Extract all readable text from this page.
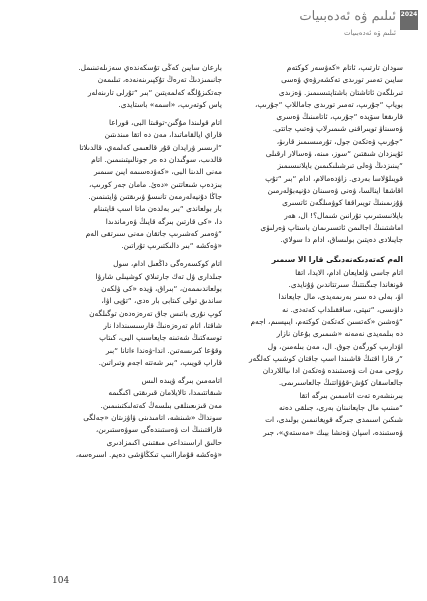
ئىلىم ۋە ئەدەبىيات
ئىلىم ۋە ئەدەبىيات
2024
سودان تارتىپ، ئاتام «كەۋسەر كوكتەم
سايىن تەمىر تورىدى تەكشەرۋەي ۋەسى
تىرىلگەن ئاتاشتان باشتاپتىسىمىز. ۋەزىدى
بوياپ “جۇرىپ، تەمىر تورىدى جاماللاپ “جۇرىپ،
قارىقغا سۆيدە “جۇرىپ، ئاتامىنىڭ ۋەسرى
ۋەسىناۋ تويىراقنى شىمىرلاپ ۋەتىپ جاتتى.
“جۇرىپ ۋەتكەن جول، تۇرمىسىمىز قارىۋ،
ئۇيىزدان شىقتىن “سوز، مىنە، ۋەسالار ارقىلى
“يىنىزدىڭ ۋەلى تىرشىلىكىمىن بايلانىسىمىز
قويىلۇلاسا بەردى. زاۋدەمالام، ادام “بىر “تۇپ
اقاشقا اينالسا، ۋەنى ۋەسىنان دۇنيەبۇلەرمىن
ۋۇزىمىنىڭ تويىراققا كوۋمىلگەن ئاتسىرى
بايلانىستىرىپ تۇرانىن شىمال؟! ال، ھەر
اماشتىنىڭ اجالىمن ئاتسىرىمان باستاپ ۋەرلىۋى
جايىلادى دەيتىن بولىساق، ادام دا سولاي.
الەم كەتەدىكەنەدىگى قارا الا سىمىر
اتام جاسى ۋلعايعان ادام، الايدا، اتقا
قونغاندا جىگىتتىڭ سىرتتاندىن ۋۇنايدى.
اۋ، بەلى دە سىر بەرىمەيدى، مال جايعاندا
داۋىسى، “تىپتى، ساققىلداپ كەتەدى. نە
“ۋەشىن «كەتسىن كەتكەن كوكتەم، ايىپسىم، اجەم
دە بىلمەيدى نەمەنە «شىمىرى بۇعان نازار
اۋدارىپ كورگەن جوق. ال، مەن بىلەمىن، ول
“ر قارا اقتىڭ قاشىندا اسپ جاقتان كوشىپ كەلگەر
رۇحى مەن ات ۋەستىندە ۋەتكەن ادا ىباللاردان
جالعاسقان كۇش-قۇۋاتتىڭ جالعاسىرىمى.
بىرىنشەرە تەت اتامىمىن بىرگە اتقا
“مىنىپ مال جايعانىنان بەرى، جىلقى دەنە
شىكىن اسىمدى جىرگە قويغانىمىن بولىدى، ات
ۋەستىندە، اسپان ۋەنشا بيىك «مەستەي»، جىر
بارعان سايىن كەڭى تۇسكەندەي سەزىلەتىنىمل.
جانىمىزدىڭ تەرەڭ تۇكپىرىنەنەدە، تىلىمەن
جەتكىزۇلگە كەلمەيتىن “بىر “تۇرلى تارىنەلەر
ياس كوتەرىپ، «اسمە» باستايدى.
اتام قولىندا مۇگىن-توقىتا البى، قوراعا
قاراي ايالقاماتىدا، مەن دە اتقا مىندىتىن
“ارىسىر ۋرايدان قۇر قالعىمى كەلمەي، قالدىلاتا
قالدىب، سوگىدان دە ەر جونالىپتىنىمىن. اتام
مەنى الدىنا البى، «كەۋدەسىمە ايىن سىمىر
بىزدەپ شىعاتتىن «دەئ. مامان جەر كورىپ،
جاڭا دۇنيەلەرمەن تانىسۇ ۋىرىقتىن ۋايتىنمىن.
بار بولعاندى “بىر بەلدەن ماتا اسپ قايتىنام
دا، «كى قارتىن بىرگە قايىڭ ۋەرماندىدا
“ۋەمىر كەشىرىپ جاتقان مەنى سىرتقى الەم
«ۋەكشە “بىر دالىكتىرىپ تۇراتىن.
اتام كوكسەرەگى داڭعىل ادام، سول
جىلدارى ۋل تەك جارتىلاي كوشيىلى شارۋا
بولعاندىممەن، “بىراق، ۋيدە «كى ۋلكەن
ساندىق تولى كىتابى بار ەدى، “تۇپى اۋا،
كوپ نۇرى باتىس جاق تەرەزەدەن توگىلگەن
شاقتا، اتام تەرەزەنىڭ قارسىسىندادا نار
توسەكتىڭ شەتىنە جايعاسىپ البى، كىتاپ
وقۇعا كىرىسەتىن. اندا-ۋەندا ءاتانا “بىر
قاراپ قويىپ، “بىر شەتتە اجەم وتىراتىن.
اتامەمىن بىرگە ۋيىدە الىس
شىقاتتىمدا، تالايلامان قىرىقتى اكىگىمە
مەن قىزىعىنلقى بىلسەڭ كەتەلىكتىنىمىن.
سونداڭ «شىنشە، اتامىدىنى ۋاۋزىتان «جەلگى
قاراقتىنىڭ ات ۋەستىندەگى سوۋەستىرىن،
حالىق اراسىنداعى مىقتىنى اكىمزادىرى
«ۋەكشە قۇماراانىپ تىكڭاۋشى دەيم. اسىرەسە،
104
